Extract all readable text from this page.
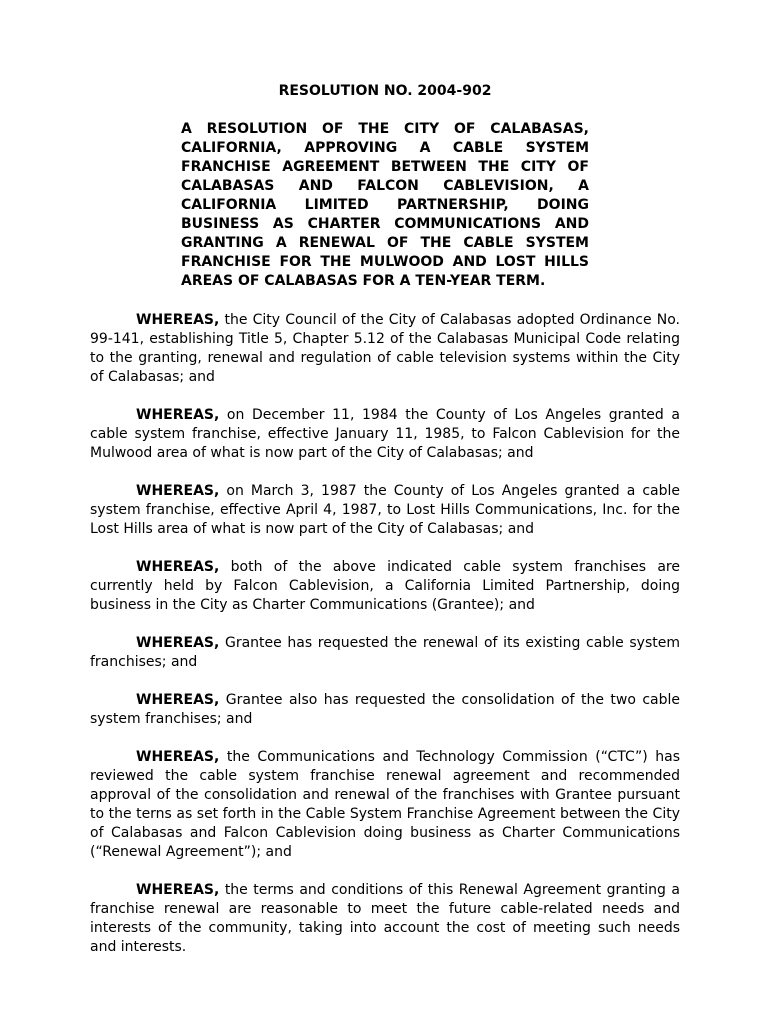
RESOLUTION NO. 2004-902
A RESOLUTION OF THE CITY OF CALABASAS, CALIFORNIA, APPROVING A CABLE SYSTEM FRANCHISE AGREEMENT BETWEEN THE CITY OF CALABASAS AND FALCON CABLEVISION, A CALIFORNIA LIMITED PARTNERSHIP, DOING BUSINESS AS CHARTER COMMUNICATIONS AND GRANTING A RENEWAL OF THE CABLE SYSTEM FRANCHISE FOR THE MULWOOD AND LOST HILLS AREAS OF CALABASAS FOR A TEN-YEAR TERM.

WHEREAS, the City Council of the City of Calabasas adopted Ordinance No. 99-141, establishing Title 5, Chapter 5.12 of the Calabasas Municipal Code relating to the granting, renewal and regulation of cable television systems within the City of Calabasas; and

WHEREAS, on December 11, 1984 the County of Los Angeles granted a cable system franchise, effective January 11, 1985, to Falcon Cablevision for the Mulwood area of what is now part of the City of Calabasas; and

WHEREAS, on March 3, 1987 the County of Los Angeles granted a cable system franchise, effective April 4, 1987, to Lost Hills Communications, Inc. for the Lost Hills area of what is now part of the City of Calabasas; and

WHEREAS, both of the above indicated cable system franchises are currently held by Falcon Cablevision, a California Limited Partnership, doing business in the City as Charter Communications (Grantee); and

WHEREAS, Grantee has requested the renewal of its existing cable system franchises; and

WHEREAS, Grantee also has requested the consolidation of the two cable system franchises; and

WHEREAS, the Communications and Technology Commission (“CTC”) has reviewed the cable system franchise renewal agreement and recommended approval of the consolidation and renewal of the franchises with Grantee pursuant to the terns as set forth in the Cable System Franchise Agreement between the City of Calabasas and Falcon Cablevision doing business as Charter Communications (“Renewal Agreement”); and

WHEREAS, the terms and conditions of this Renewal Agreement granting a franchise renewal are reasonable to meet the future cable-related needs and interests of the community, taking into account the cost of meeting such needs and interests.
